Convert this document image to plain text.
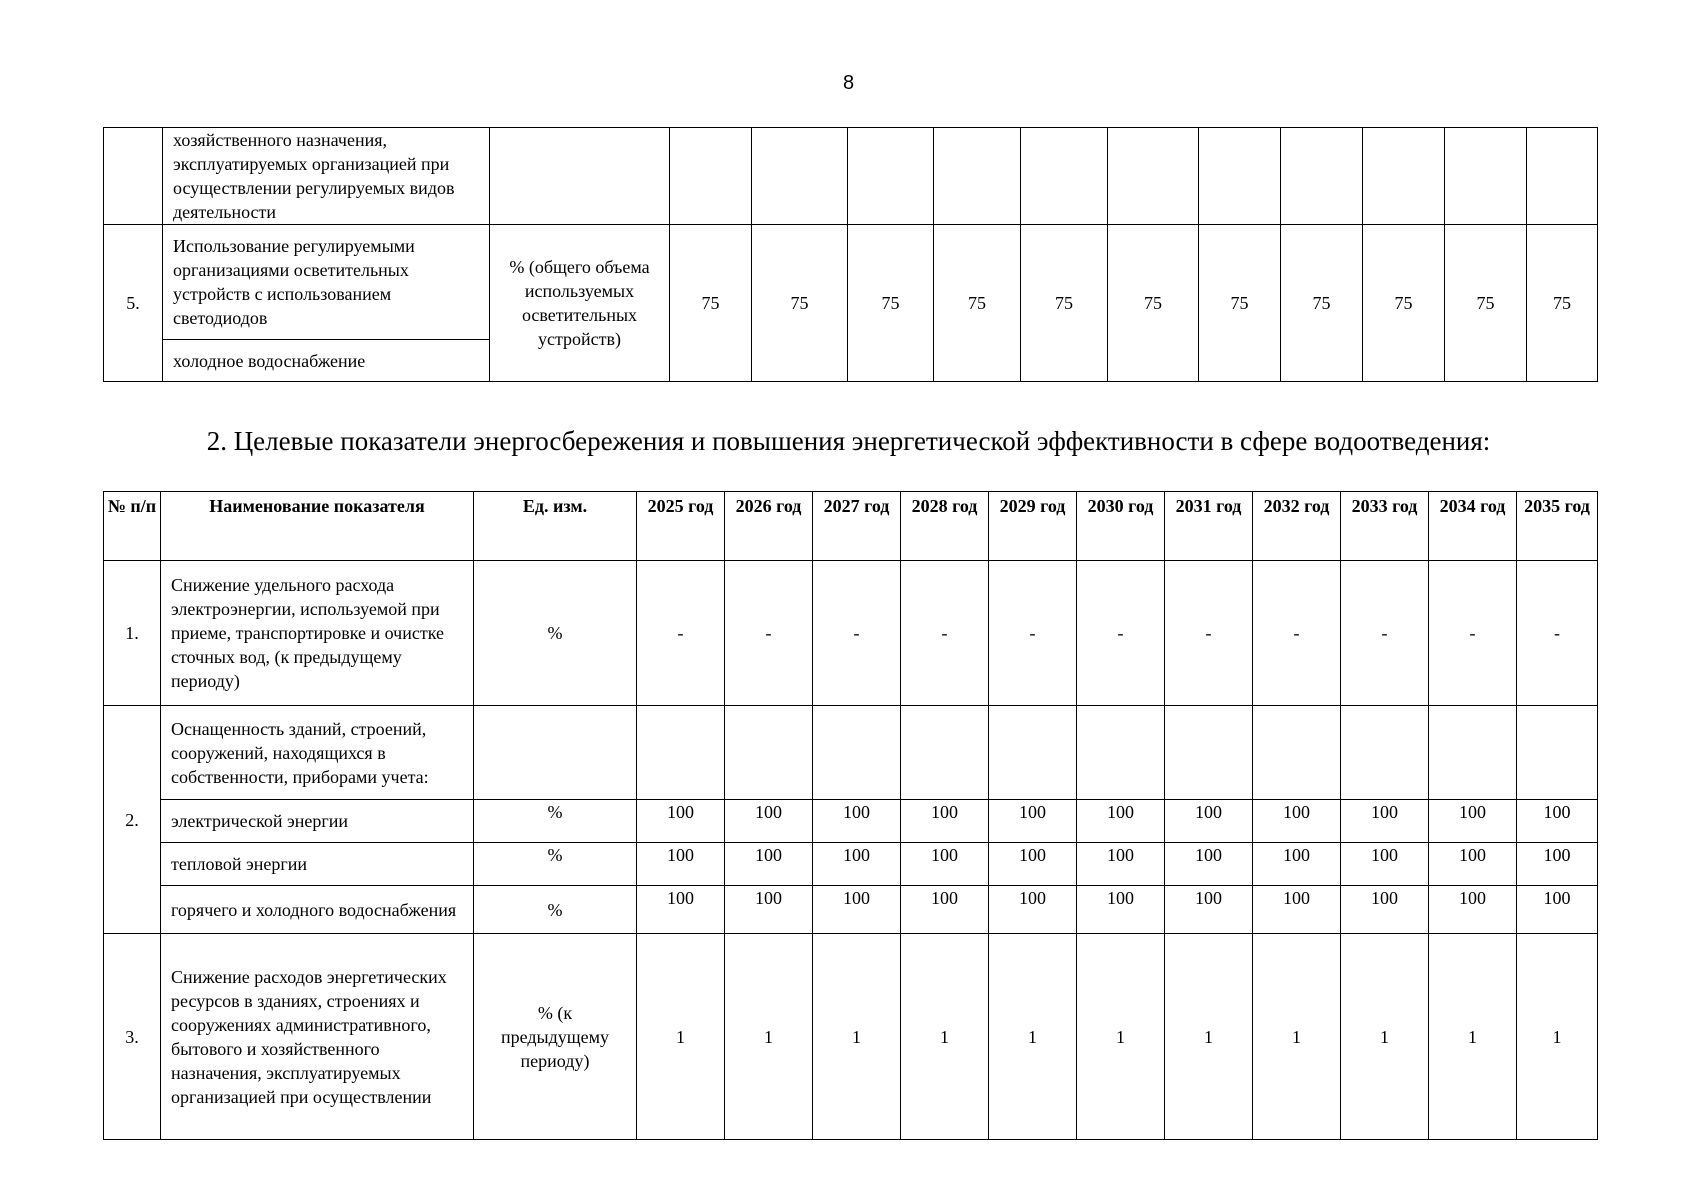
8
	хозяйственного назначения, эксплуатируемых организацией при осуществлении регулируемых видов деятельности												
5.	Использование регулируемыми организациями осветительных устройств с использованием светодиодов	% (общего объема используемых осветительных устройств)	75	75	75	75	75	75	75	75	75	75	75
	холодное водоснабжение												
2. Целевые показатели энергосбережения и повышения энергетической эффективности в сфере водоотведения:
№ п/п	Наименование показателя	Ед. изм.	2025 год	2026 год	2027 год	2028 год	2029 год	2030 год	2031 год	2032 год	2033 год	2034 год	2035 год
1.	Снижение удельного расхода электроэнергии, используемой при приеме, транспортировке и очистке сточных вод, (к предыдущему периоду)	%	-	-	-	-	-	-	-	-	-	-	-
2.	Оснащенность зданий, строений, сооружений, находящихся в собственности, приборами учета:												
	электрической энергии	%	100	100	100	100	100	100	100	100	100	100	100
	тепловой энергии	%	100	100	100	100	100	100	100	100	100	100	100
	горячего и холодного водоснабжения	%	100	100	100	100	100	100	100	100	100	100	100
3.	Снижение расходов энергетических ресурсов в зданиях, строениях и сооружениях административного, бытового и хозяйственного назначения, эксплуатируемых организацией при осуществлении	% (к предыдущему периоду)	1	1	1	1	1	1	1	1	1	1	1
